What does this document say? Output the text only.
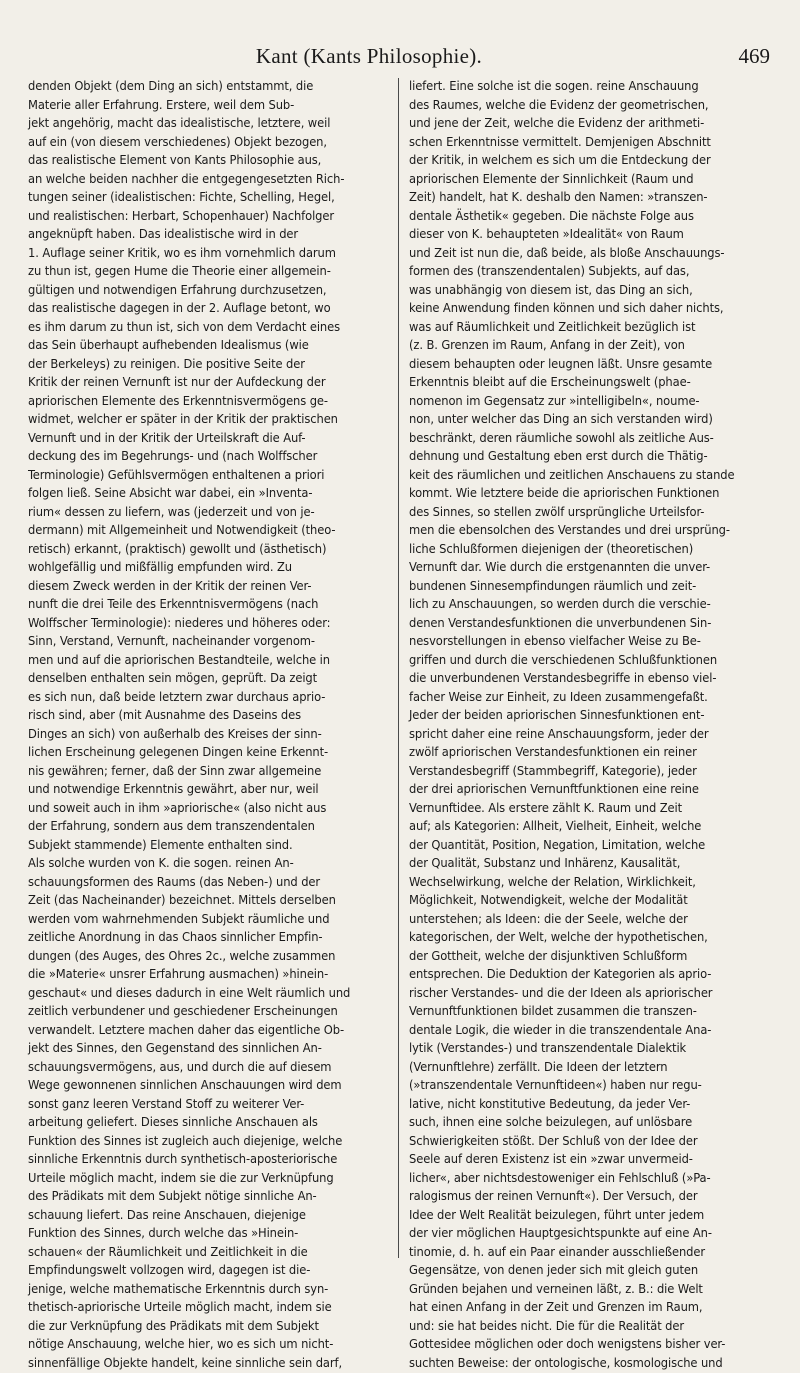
Kant (Kants Philosophie).	469
denden Objekt (dem Ding an sich) entstammt, die
Materie aller Erfahrung. Erstere, weil dem Sub-
jekt angehörig, macht das idealistische, letztere, weil
auf ein (von diesem verschiedenes) Objekt bezogen,
das realistische Element von Kants Philosophie aus,
an welche beiden nachher die entgegengesetzten Rich-
tungen seiner (idealistischen: Fichte, Schelling, Hegel,
und realistischen: Herbart, Schopenhauer) Nachfolger
angeknüpft haben. Das idealistische wird in der
1. Auflage seiner Kritik, wo es ihm vornehmlich darum
zu thun ist, gegen Hume die Theorie einer allgemein-
gültigen und notwendigen Erfahrung durchzusetzen,
das realistische dagegen in der 2. Auflage betont, wo
es ihm darum zu thun ist, sich von dem Verdacht eines
das Sein überhaupt aufhebenden Idealismus (wie
der Berkeleys) zu reinigen. Die positive Seite der
Kritik der reinen Vernunft ist nur der Aufdeckung der
apriorischen Elemente des Erkenntnisvermögens ge-
widmet, welcher er später in der Kritik der praktischen
Vernunft und in der Kritik der Urteilskraft die Auf-
deckung des im Begehrungs- und (nach Wolffscher
Terminologie) Gefühlsvermögen enthaltenen a priori
folgen ließ. Seine Absicht war dabei, ein »Inventa-
rium« dessen zu liefern, was (jederzeit und von je-
dermann) mit Allgemeinheit und Notwendigkeit (theo-
retisch) erkannt, (praktisch) gewollt und (ästhetisch)
wohlgefällig und mißfällig empfunden wird. Zu
diesem Zweck werden in der Kritik der reinen Ver-
nunft die drei Teile des Erkenntnisvermögens (nach
Wolffscher Terminologie): niederes und höheres oder:
Sinn, Verstand, Vernunft, nacheinander vorgenom-
men und auf die apriorischen Bestandteile, welche in
denselben enthalten sein mögen, geprüft. Da zeigt
es sich nun, daß beide letztern zwar durchaus aprio-
risch sind, aber (mit Ausnahme des Daseins des
Dinges an sich) von außerhalb des Kreises der sinn-
lichen Erscheinung gelegenen Dingen keine Erkennt-
nis gewähren; ferner, daß der Sinn zwar allgemeine
und notwendige Erkenntnis gewährt, aber nur, weil
und soweit auch in ihm »apriorische« (also nicht aus
der Erfahrung, sondern aus dem transzendentalen
Subjekt stammende) Elemente enthalten sind.
Als solche wurden von K. die sogen. reinen An-
schauungsformen des Raums (das Neben-) und der
Zeit (das Nacheinander) bezeichnet. Mittels derselben
werden vom wahrnehmenden Subjekt räumliche und
zeitliche Anordnung in das Chaos sinnlicher Empfin-
dungen (des Auges, des Ohres 2c., welche zusammen
die »Materie« unsrer Erfahrung ausmachen) »hinein-
geschaut« und dieses dadurch in eine Welt räumlich und
zeitlich verbundener und geschiedener Erscheinungen
verwandelt. Letztere machen daher das eigentliche Ob-
jekt des Sinnes, den Gegenstand des sinnlichen An-
schauungsvermögens, aus, und durch die auf diesem
Wege gewonnenen sinnlichen Anschauungen wird dem
sonst ganz leeren Verstand Stoff zu weiterer Ver-
arbeitung geliefert. Dieses sinnliche Anschauen als
Funktion des Sinnes ist zugleich auch diejenige, welche
sinnliche Erkenntnis durch synthetisch-aposteriorische
Urteile möglich macht, indem sie die zur Verknüpfung
des Prädikats mit dem Subjekt nötige sinnliche An-
schauung liefert. Das reine Anschauen, diejenige
Funktion des Sinnes, durch welche das »Hinein-
schauen« der Räumlichkeit und Zeitlichkeit in die
Empfindungswelt vollzogen wird, dagegen ist die-
jenige, welche mathematische Erkenntnis durch syn-
thetisch-apriorische Urteile möglich macht, indem sie
die zur Verknüpfung des Prädikats mit dem Subjekt
nötige Anschauung, welche hier, wo es sich um nicht-
sinnenfällige Objekte handelt, keine sinnliche sein darf,
liefert. Eine solche ist die sogen. reine Anschauung
des Raumes, welche die Evidenz der geometrischen,
und jene der Zeit, welche die Evidenz der arithmeti-
schen Erkenntnisse vermittelt. Demjenigen Abschnitt
der Kritik, in welchem es sich um die Entdeckung der
apriorischen Elemente der Sinnlichkeit (Raum und
Zeit) handelt, hat K. deshalb den Namen: »transzen-
dentale Ästhetik« gegeben. Die nächste Folge aus
dieser von K. behaupteten »Idealität« von Raum
und Zeit ist nun die, daß beide, als bloße Anschauungs-
formen des (transzendentalen) Subjekts, auf das,
was unabhängig von diesem ist, das Ding an sich,
keine Anwendung finden können und sich daher nichts,
was auf Räumlichkeit und Zeitlichkeit bezüglich ist
(z. B. Grenzen im Raum, Anfang in der Zeit), von
diesem behaupten oder leugnen läßt. Unsre gesamte
Erkenntnis bleibt auf die Erscheinungswelt (phae-
nomenon im Gegensatz zur »intelligibeln«, noume-
non, unter welcher das Ding an sich verstanden wird)
beschränkt, deren räumliche sowohl als zeitliche Aus-
dehnung und Gestaltung eben erst durch die Thätig-
keit des räumlichen und zeitlichen Anschauens zu stande
kommt. Wie letztere beide die apriorischen Funktionen
des Sinnes, so stellen zwölf ursprüngliche Urteilsfor-
men die ebensolchen des Verstandes und drei ursprüng-
liche Schlußformen diejenigen der (theoretischen)
Vernunft dar. Wie durch die erstgenannten die unver-
bundenen Sinnesempfindungen räumlich und zeit-
lich zu Anschauungen, so werden durch die verschie-
denen Verstandesfunktionen die unverbundenen Sin-
nesvorstellungen in ebenso vielfacher Weise zu Be-
griffen und durch die verschiedenen Schlußfunktionen
die unverbundenen Verstandesbegriffe in ebenso viel-
facher Weise zur Einheit, zu Ideen zusammengefaßt.
Jeder der beiden apriorischen Sinnesfunktionen ent-
spricht daher eine reine Anschauungsform, jeder der
zwölf apriorischen Verstandesfunktionen ein reiner
Verstandesbegriff (Stammbegriff, Kategorie), jeder
der drei apriorischen Vernunftfunktionen eine reine
Vernunftidee. Als erstere zählt K. Raum und Zeit
auf; als Kategorien: Allheit, Vielheit, Einheit, welche
der Quantität, Position, Negation, Limitation, welche
der Qualität, Substanz und Inhärenz, Kausalität,
Wechselwirkung, welche der Relation, Wirklichkeit,
Möglichkeit, Notwendigkeit, welche der Modalität
unterstehen; als Ideen: die der Seele, welche der
kategorischen, der Welt, welche der hypothetischen,
der Gottheit, welche der disjunktiven Schlußform
entsprechen. Die Deduktion der Kategorien als aprio-
rischer Verstandes- und die der Ideen als apriorischer
Vernunftfunktionen bildet zusammen die transzen-
dentale Logik, die wieder in die transzendentale Ana-
lytik (Verstandes-) und transzendentale Dialektik
(Vernunftlehre) zerfällt. Die Ideen der letztern
(»transzendentale Vernunftideen«) haben nur regu-
lative, nicht konstitutive Bedeutung, da jeder Ver-
such, ihnen eine solche beizulegen, auf unlösbare
Schwierigkeiten stößt. Der Schluß von der Idee der
Seele auf deren Existenz ist ein »zwar unvermeid-
licher«, aber nichtsdestoweniger ein Fehlschluß (»Pa-
ralogismus der reinen Vernunft«). Der Versuch, der
Idee der Welt Realität beizulegen, führt unter jedem
der vier möglichen Hauptgesichtspunkte auf eine An-
tinomie, d. h. auf ein Paar einander ausschließender
Gegensätze, von denen jeder sich mit gleich guten
Gründen bejahen und verneinen läßt, z. B.: die Welt
hat einen Anfang in der Zeit und Grenzen im Raum,
und: sie hat beides nicht. Die für die Realität der
Gottesidee möglichen oder doch wenigstens bisher ver-
suchten Beweise: der ontologische, kosmologische und
